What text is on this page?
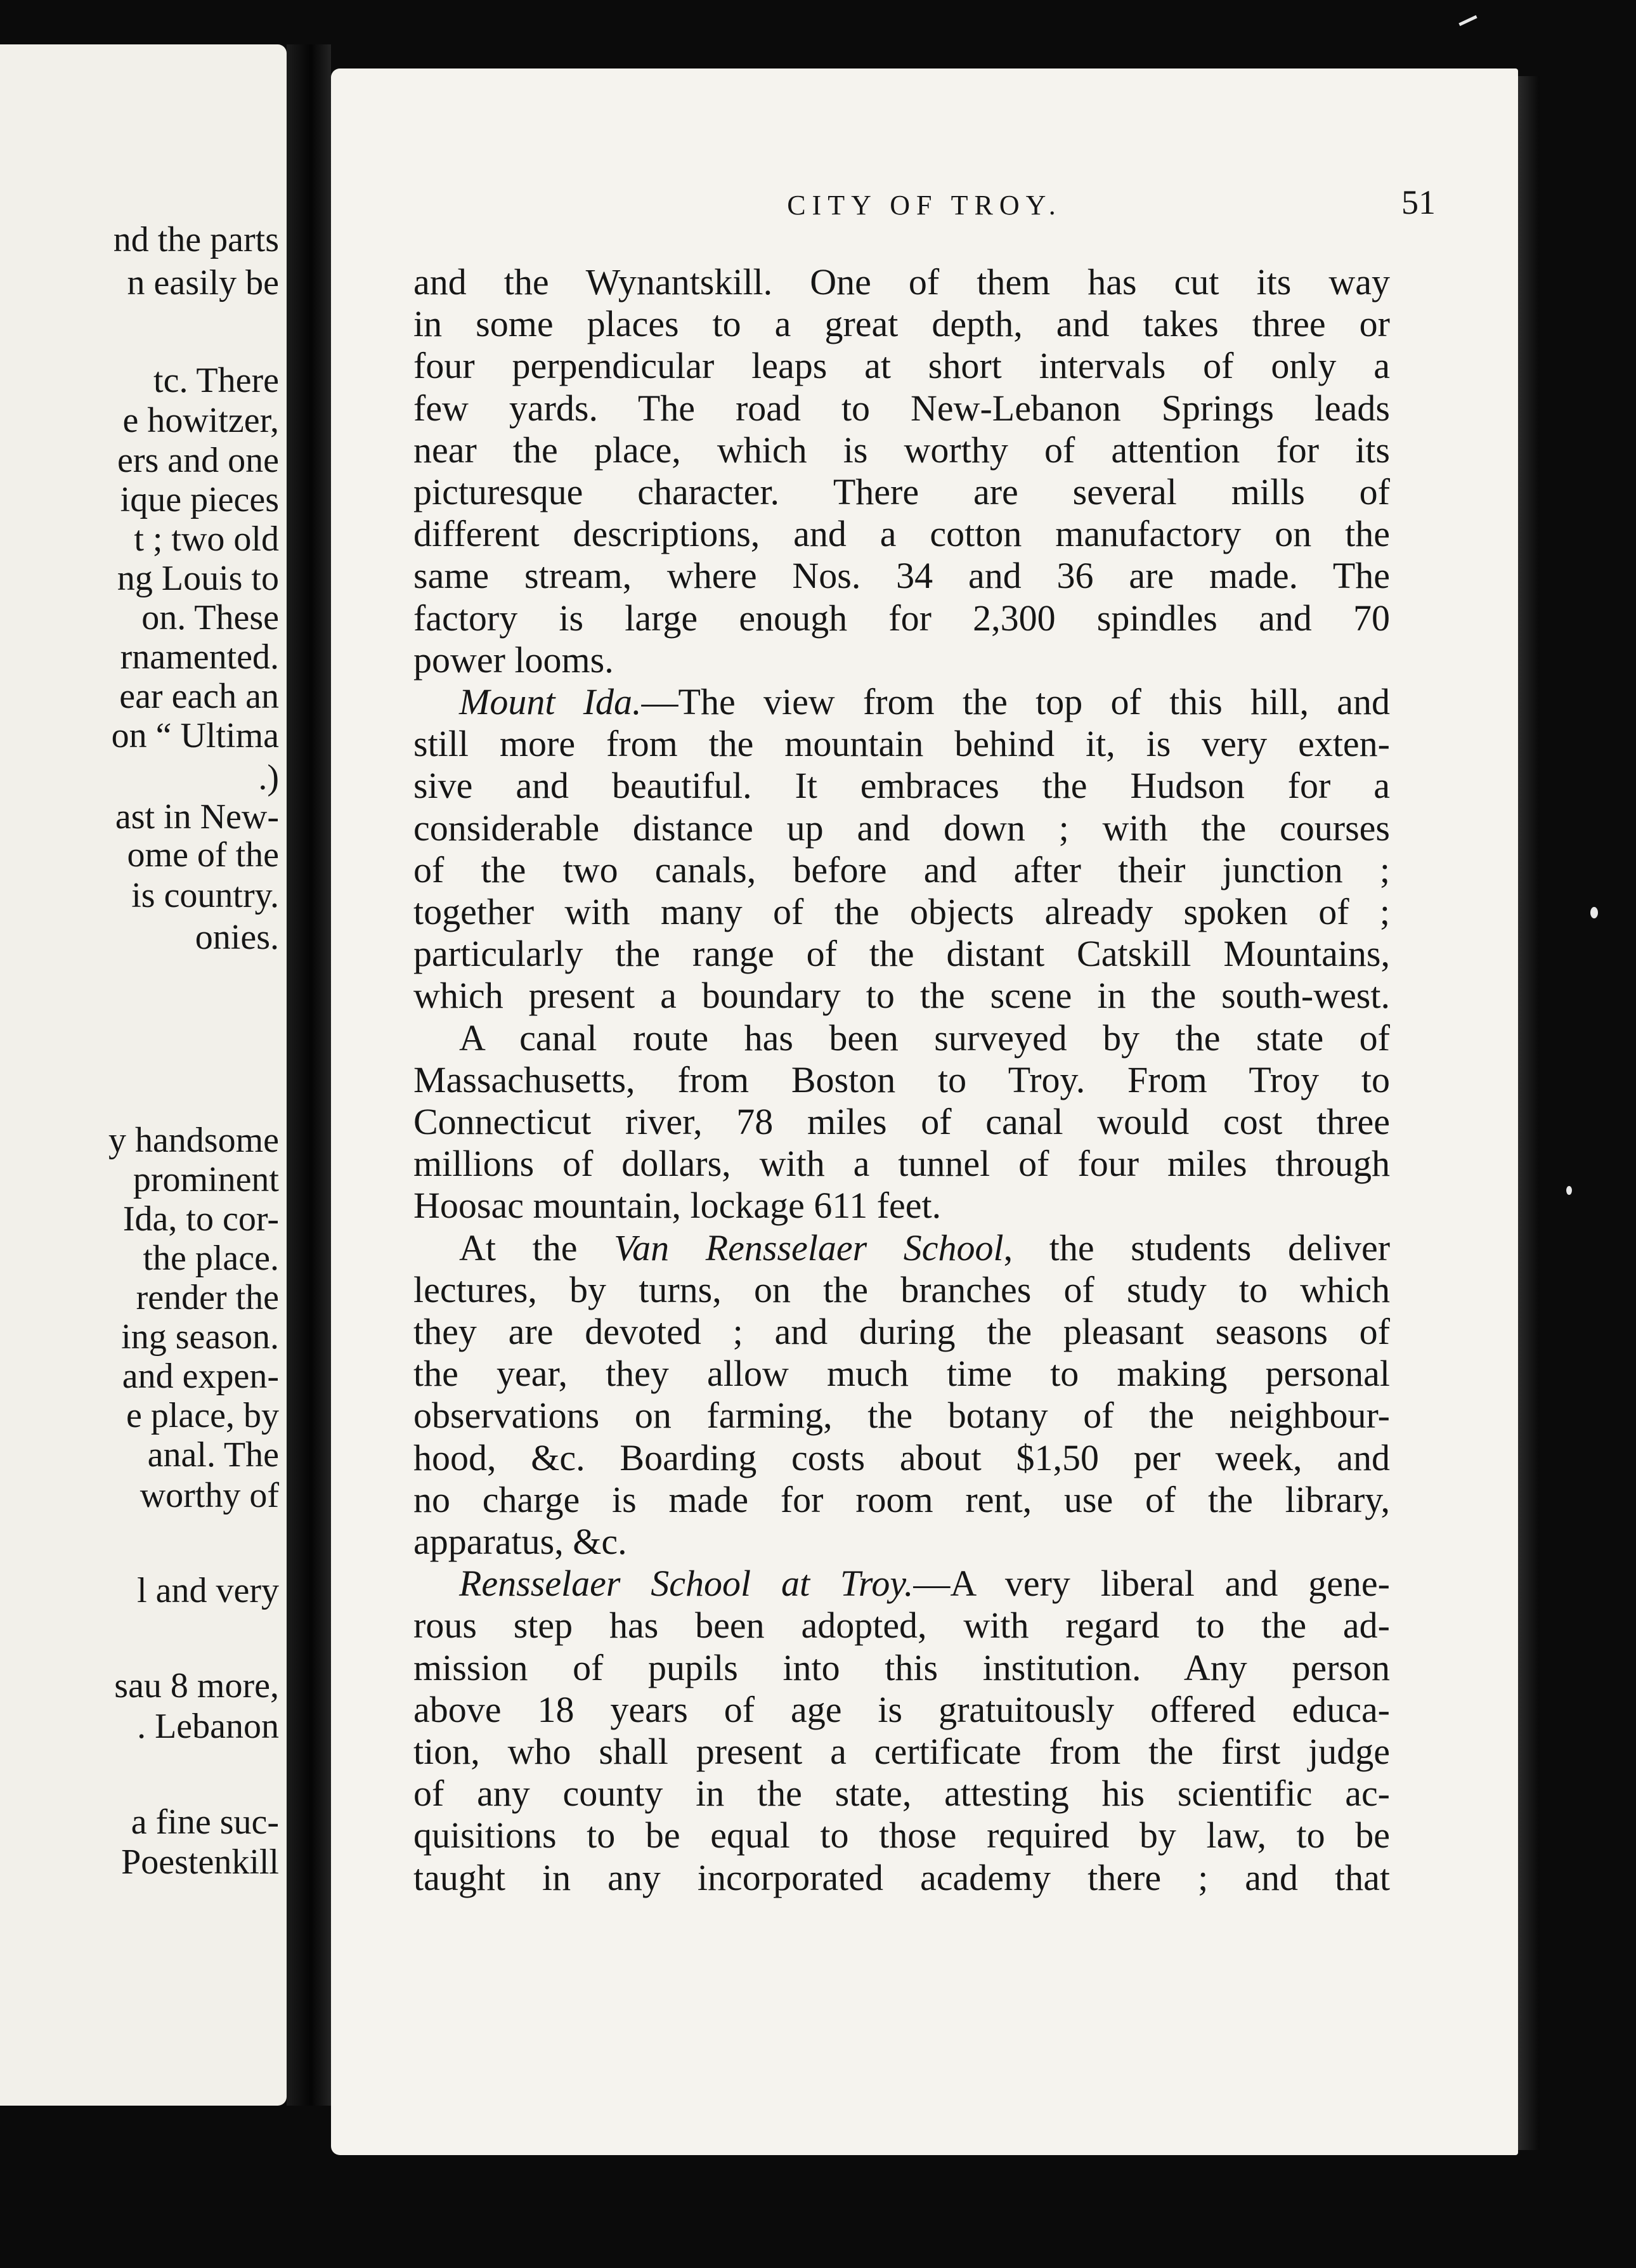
nd the parts
n easily be
tc. There
e howitzer,
ers and one
ique pieces
t ; two old
ng Louis to
on. These
rnamented.
ear each an
on “ Ultima
.)
ast in New-
ome of the
is country.
onies.
y handsome
prominent
Ida, to cor-
the place.
render the
ing season.
and expen-
e place, by
anal. The
worthy of
l and very
sau 8 more,
. Lebanon
a fine suc-
Poestenkill
CITY OF TROY.	51
and the Wynantskill. One of them has cut its way
in some places to a great depth, and takes three or
four perpendicular leaps at short intervals of only a
few yards. The road to New-Lebanon Springs leads
near the place, which is worthy of attention for its
picturesque character. There are several mills of
different descriptions, and a cotton manufactory on the
same stream, where Nos. 34 and 36 are made. The
factory is large enough for 2,300 spindles and 70
power looms.
Mount Ida.—The view from the top of this hill, and
still more from the mountain behind it, is very exten-
sive and beautiful. It embraces the Hudson for a
considerable distance up and down ; with the courses
of the two canals, before and after their junction ;
together with many of the objects already spoken of ;
particularly the range of the distant Catskill Mountains,
which present a boundary to the scene in the south-west.
A canal route has been surveyed by the state of
Massachusetts, from Boston to Troy. From Troy to
Connecticut river, 78 miles of canal would cost three
millions of dollars, with a tunnel of four miles through
Hoosac mountain, lockage 611 feet.
At the Van Rensselaer School, the students deliver
lectures, by turns, on the branches of study to which
they are devoted ; and during the pleasant seasons of
the year, they allow much time to making personal
observations on farming, the botany of the neighbour-
hood, &c. Boarding costs about $1,50 per week, and
no charge is made for room rent, use of the library,
apparatus, &c.
Rensselaer School at Troy.—A very liberal and gene-
rous step has been adopted, with regard to the ad-
mission of pupils into this institution. Any person
above 18 years of age is gratuitously offered educa-
tion, who shall present a certificate from the first judge
of any county in the state, attesting his scientific ac-
quisitions to be equal to those required by law, to be
taught in any incorporated academy there ; and that
